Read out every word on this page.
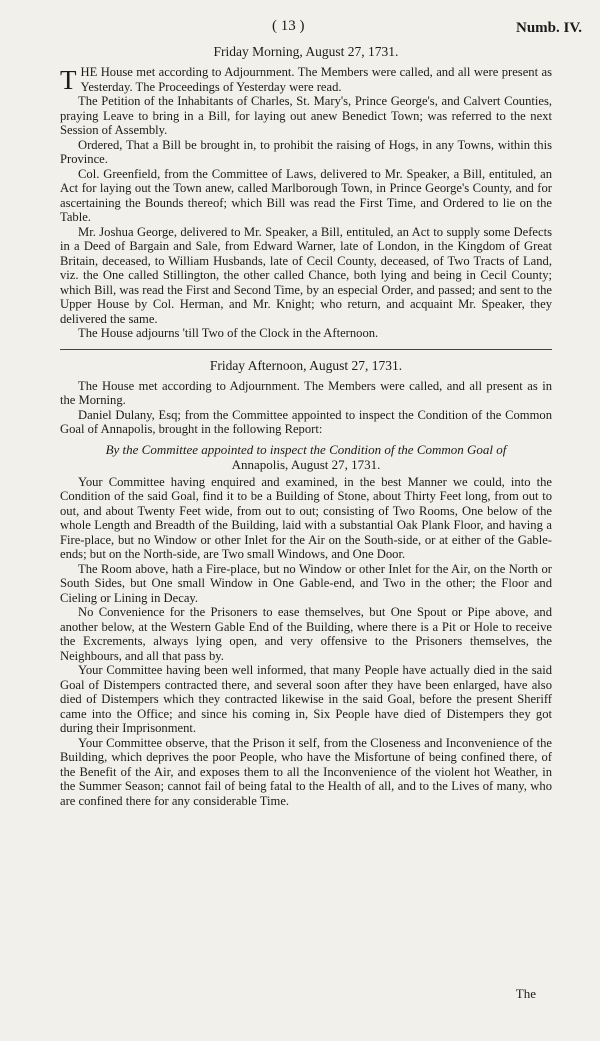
( 13 )	Numb. IV.
Friday Morning, August 27, 1731.

THE House met according to Adjournment. The Members were called, and all were present as Yesterday. The Proceedings of Yesterday were read.

The Petition of the Inhabitants of Charles, St. Mary's, Prince George's, and Calvert Counties, praying Leave to bring in a Bill, for laying out anew Benedict Town; was referred to the next Session of Assembly.

Ordered, That a Bill be brought in, to prohibit the raising of Hogs, in any Towns, within this Province.

Col. Greenfield, from the Committee of Laws, delivered to Mr. Speaker, a Bill, entituled, an Act for laying out the Town anew, called Marlborough Town, in Prince George's County, and for ascertaining the Bounds thereof; which Bill was read the First Time, and Ordered to lie on the Table.

Mr. Joshua George, delivered to Mr. Speaker, a Bill, entituled, an Act to supply some Defects in a Deed of Bargain and Sale, from Edward Warner, late of London, in the Kingdom of Great Britain, deceased, to William Husbands, late of Cecil County, deceased, of Two Tracts of Land, viz. the One called Stillington, the other called Chance, both lying and being in Cecil County; which Bill, was read the First and Second Time, by an especial Order, and passed; and sent to the Upper House by Col. Herman, and Mr. Knight; who return, and acquaint Mr. Speaker, they delivered the same.

The House adjourns 'till Two of the Clock in the Afternoon.

Friday Afternoon, August 27, 1731.

The House met according to Adjournment. The Members were called, and all present as in the Morning.

Daniel Dulany, Esq; from the Committee appointed to inspect the Condition of the Common Goal of Annapolis, brought in the following Report:

By the Committee appointed to inspect the Condition of the Common Goal of
Annapolis, August 27, 1731.

Your Committee having enquired and examined, in the best Manner we could, into the Condition of the said Goal, find it to be a Building of Stone, about Thirty Feet long, from out to out, and about Twenty Feet wide, from out to out; consisting of Two Rooms, One below of the whole Length and Breadth of the Building, laid with a substantial Oak Plank Floor, and having a Fire-place, but no Window or other Inlet for the Air on the South-side, or at either of the Gable-ends; but on the North-side, are Two small Windows, and One Door.

The Room above, hath a Fire-place, but no Window or other Inlet for the Air, on the North or South Sides, but One small Window in One Gable-end, and Two in the other; the Floor and Cieling or Lining in Decay.

No Convenience for the Prisoners to ease themselves, but One Spout or Pipe above, and another below, at the Western Gable End of the Building, where there is a Pit or Hole to receive the Excrements, always lying open, and very offensive to the Prisoners themselves, the Neighbours, and all that pass by.

Your Committee having been well informed, that many People have actually died in the said Goal of Distempers contracted there, and several soon after they have been enlarged, have also died of Distempers which they contracted likewise in the said Goal, before the present Sheriff came into the Office; and since his coming in, Six People have died of Distempers they got during their Imprisonment.

Your Committee observe, that the Prison it self, from the Closeness and Inconvenience of the Building, which deprives the poor People, who have the Misfortune of being confined there, of the Benefit of the Air, and exposes them to all the Inconvenience of the violent hot Weather, in the Summer Season; cannot fail of being fatal to the Health of all, and to the Lives of many, who are confined there for any considerable Time.

The
